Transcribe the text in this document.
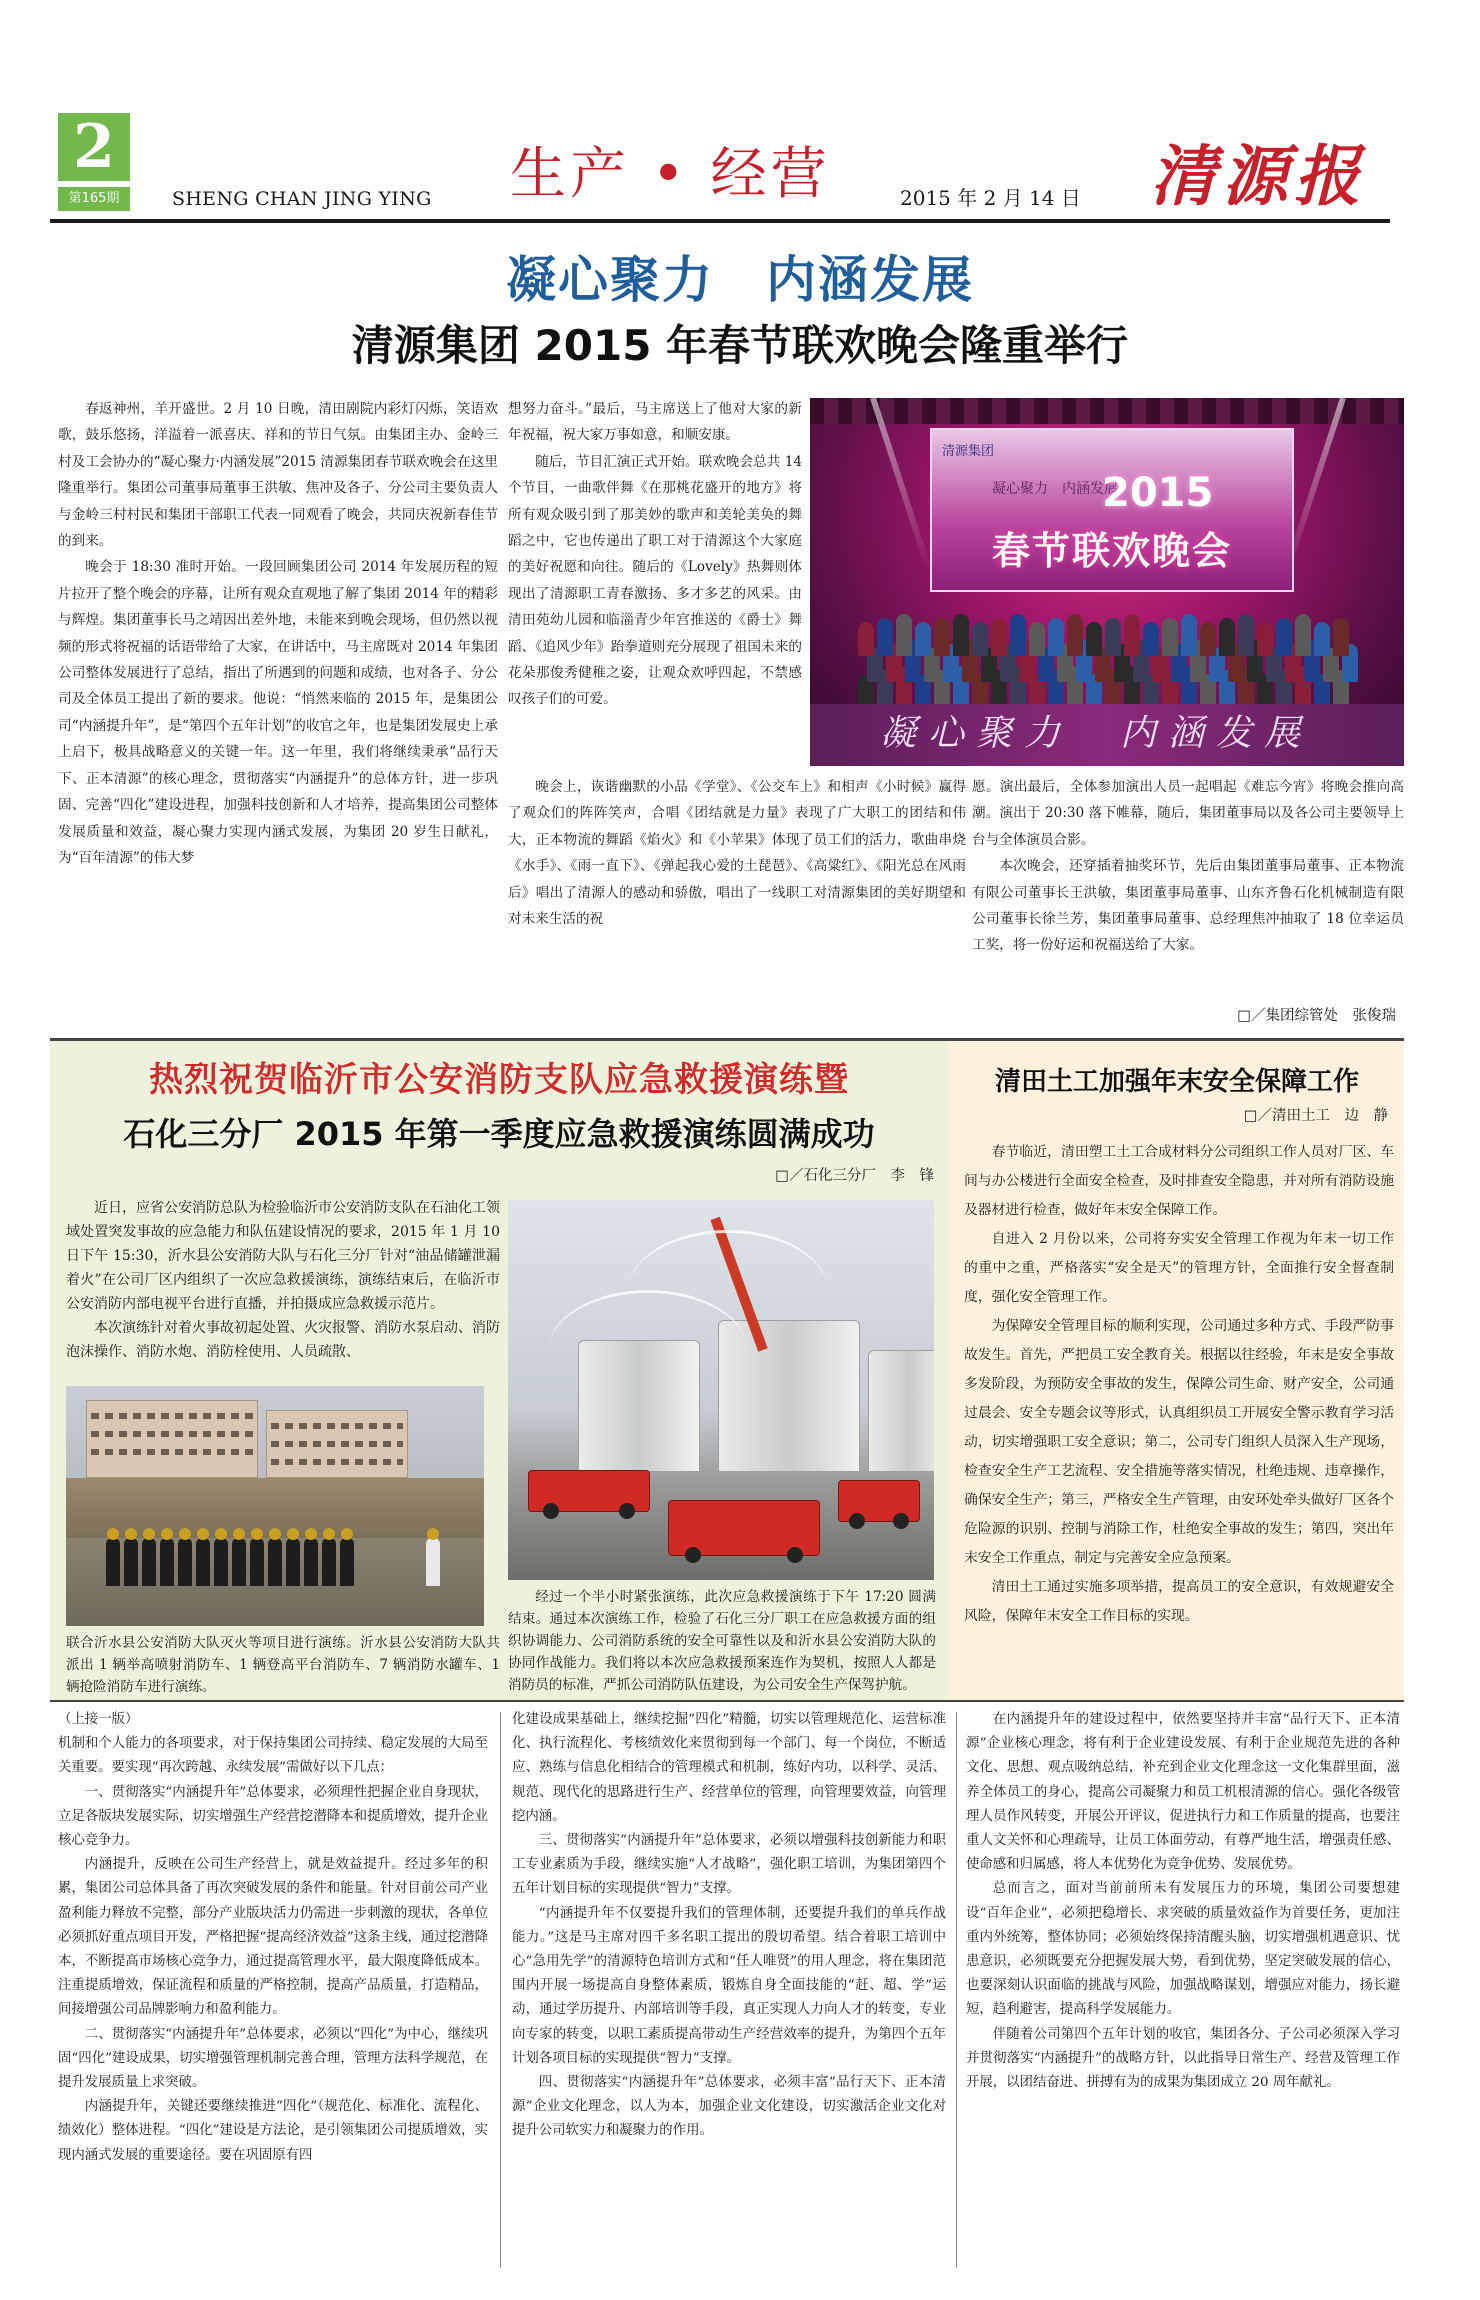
2
第165期	SHENG CHAN JING YING 生产 • 经营	2015 年 2 月 14 日 清源报
凝心聚力　内涵发展
清源集团 2015 年春节联欢晚会隆重举行

春返神州，羊开盛世。2 月 10 日晚，清田剧院内彩灯闪烁，笑语欢歌，鼓乐悠扬，洋溢着一派喜庆、祥和的节日气氛。由集团主办、金岭三村及工会协办的“凝心聚力·内涵发展”2015 清源集团春节联欢晚会在这里隆重举行。集团公司董事局董事王洪敏、焦冲及各子、分公司主要负责人与金岭三村村民和集团干部职工代表一同观看了晚会，共同庆祝新春佳节的到来。

晚会于 18:30 准时开始。一段回顾集团公司 2014 年发展历程的短片拉开了整个晚会的序幕，让所有观众直观地了解了集团 2014 年的精彩与辉煌。集团董事长马之靖因出差外地，未能来到晚会现场，但仍然以视频的形式将祝福的话语带给了大家，在讲话中，马主席既对 2014 年集团公司整体发展进行了总结，指出了所遇到的问题和成绩，也对各子、分公司及全体员工提出了新的要求。他说：“悄然来临的 2015 年，是集团公司“内涵提升年”，是“第四个五年计划”的收官之年，也是集团发展史上承上启下，极具战略意义的关键一年。这一年里，我们将继续秉承“品行天下、正本清源”的核心理念，贯彻落实“内涵提升”的总体方针，进一步巩固、完善“四化”建设进程，加强科技创新和人才培养，提高集团公司整体发展质量和效益，凝心聚力实现内涵式发展，为集团 20 岁生日献礼，为“百年清源”的伟大梦

想努力奋斗。”最后，马主席送上了他对大家的新年祝福，祝大家万事如意，和顺安康。

随后，节目汇演正式开始。联欢晚会总共 14 个节目，一曲歌伴舞《在那桃花盛开的地方》将所有观众吸引到了那美妙的歌声和美轮美奂的舞蹈之中，它也传递出了职工对于清源这个大家庭的美好祝愿和向往。随后的《Lovely》热舞则体现出了清源职工青春激扬、多才多艺的风采。由清田苑幼儿园和临淄青少年宫推送的《爵士》舞蹈、《追风少年》跆拳道则充分展现了祖国未来的花朵那俊秀健稚之姿，让观众欢呼四起，不禁感叹孩子们的可爱。

清源集团
凝心聚力　内涵发展
2015
春节联欢晚会
凝心聚力　内涵发展

晚会上，诙谐幽默的小品《学堂》、《公交车上》和相声《小时候》赢得了观众们的阵阵笑声，合唱《团结就是力量》表现了广大职工的团结和伟大，正本物流的舞蹈《焰火》和《小苹果》体现了员工们的活力，歌曲串烧《水手》、《雨一直下》、《弹起我心爱的土琵琶》、《高粱红》、《阳光总在风雨后》唱出了清源人的感动和骄傲，唱出了一线职工对清源集团的美好期望和对未来生活的祝

愿。演出最后，全体参加演出人员一起唱起《难忘今宵》将晚会推向高潮。演出于 20:30 落下帷幕，随后，集团董事局以及各公司主要领导上台与全体演员合影。

本次晚会，还穿插着抽奖环节，先后由集团董事局董事、正本物流有限公司董事长王洪敏，集团董事局董事、山东齐鲁石化机械制造有限公司董事长徐兰芳，集团董事局董事、总经理焦冲抽取了 18 位幸运员工奖，将一份好运和祝福送给了大家。

□／集团综管处　张俊瑞
热烈祝贺临沂市公安消防支队应急救援演练暨
石化三分厂 2015 年第一季度应急救援演练圆满成功
□／石化三分厂　李　锋

近日，应省公安消防总队为检验临沂市公安消防支队在石油化工领域处置突发事故的应急能力和队伍建设情况的要求，2015 年 1 月 10 日下午 15:30，沂水县公安消防大队与石化三分厂针对“油品储罐泄漏着火”在公司厂区内组织了一次应急救援演练，演练结束后，在临沂市公安消防内部电视平台进行直播，并拍摄成应急救援示范片。

本次演练针对着火事故初起处置、火灾报警、消防水泵启动、消防泡沫操作、消防水炮、消防栓使用、人员疏散、

联合沂水县公安消防大队灭火等项目进行演练。沂水县公安消防大队共派出 1 辆举高喷射消防车、1 辆登高平台消防车、7 辆消防水罐车、1 辆抢险消防车进行演练。

经过一个半小时紧张演练，此次应急救援演练于下午 17:20 圆满结束。通过本次演练工作，检验了石化三分厂职工在应急救援方面的组织协调能力、公司消防系统的安全可靠性以及和沂水县公安消防大队的协同作战能力。我们将以本次应急救援预案连作为契机，按照人人都是消防员的标准，严抓公司消防队伍建设，为公司安全生产保驾护航。

清田土工加强年末安全保障工作
□／清田土工　边　静

春节临近，清田塑工土工合成材料分公司组织工作人员对厂区、车间与办公楼进行全面安全检查，及时排查安全隐患，并对所有消防设施及器材进行检查，做好年末安全保障工作。

自进入 2 月份以来，公司将夯实安全管理工作视为年末一切工作的重中之重，严格落实“安全是天”的管理方针，全面推行安全督查制度，强化安全管理工作。

为保障安全管理目标的顺利实现，公司通过多种方式、手段严防事故发生。首先，严把员工安全教育关。根据以往经验，年末是安全事故多发阶段，为预防安全事故的发生，保障公司生命、财产安全，公司通过晨会、安全专题会议等形式，认真组织员工开展安全警示教育学习活动，切实增强职工安全意识；第二，公司专门组织人员深入生产现场，检查安全生产工艺流程、安全措施等落实情况，杜绝违规、违章操作，确保安全生产；第三，严格安全生产管理，由安环处牵头做好厂区各个危险源的识别、控制与消除工作，杜绝安全事故的发生；第四，突出年末安全工作重点，制定与完善安全应急预案。

清田土工通过实施多项举措，提高员工的安全意识，有效规避安全风险，保障年末安全工作目标的实现。

（上接一版）

机制和个人能力的各项要求，对于保持集团公司持续、稳定发展的大局至关重要。要实现“再次跨越、永续发展”需做好以下几点：

一、贯彻落实“内涵提升年”总体要求，必须理性把握企业自身现状，立足各版块发展实际，切实增强生产经营挖潜降本和提质增效，提升企业核心竞争力。

内涵提升，反映在公司生产经营上，就是效益提升。经过多年的积累，集团公司总体具备了再次突破发展的条件和能量。针对目前公司产业盈利能力释放不完整，部分产业版块活力仍需进一步刺激的现状，各单位必须抓好重点项目开发，严格把握“提高经济效益”这条主线，通过挖潜降本，不断提高市场核心竞争力，通过提高管理水平，最大限度降低成本。注重提质增效，保证流程和质量的严格控制，提高产品质量，打造精品，间接增强公司品牌影响力和盈利能力。

二、贯彻落实“内涵提升年”总体要求，必须以“四化”为中心，继续巩固“四化”建设成果，切实增强管理机制完善合理，管理方法科学规范，在提升发展质量上求突破。

内涵提升年，关键还要继续推进“四化”（规范化、标准化、流程化、绩效化）整体进程。“四化”建设是方法论，是引领集团公司提质增效，实现内涵式发展的重要途径。要在巩固原有四

化建设成果基础上，继续挖掘“四化”精髓，切实以管理规范化、运营标准化、执行流程化、考核绩效化来贯彻到每一个部门、每一个岗位，不断适应、熟练与信息化相结合的管理模式和机制，练好内功，以科学、灵活、规范、现代化的思路进行生产、经营单位的管理，向管理要效益，向管理挖内涵。

三、贯彻落实“内涵提升年”总体要求，必须以增强科技创新能力和职工专业素质为手段，继续实施“人才战略”，强化职工培训，为集团第四个五年计划目标的实现提供“智力”支撑。

“内涵提升年不仅要提升我们的管理体制，还要提升我们的单兵作战能力。”这是马主席对四千多名职工提出的殷切希望。结合着职工培训中心“急用先学”的清源特色培训方式和“任人唯贤”的用人理念，将在集团范围内开展一场提高自身整体素质，锻炼自身全面技能的“赶、超、学”运动，通过学历提升、内部培训等手段，真正实现人力向人才的转变，专业向专家的转变，以职工素质提高带动生产经营效率的提升，为第四个五年计划各项目标的实现提供“智力”支撑。

四、贯彻落实“内涵提升年”总体要求，必须丰富“品行天下、正本清源”企业文化理念，以人为本，加强企业文化建设，切实激活企业文化对提升公司软实力和凝聚力的作用。

在内涵提升年的建设过程中，依然要坚持并丰富“品行天下、正本清源”企业核心理念，将有利于企业建设发展、有利于企业规范先进的各种文化、思想、观点吸纳总结，补充到企业文化理念这一文化集群里面，滋养全体员工的身心，提高公司凝聚力和员工机根清源的信心。强化各级管理人员作风转变，开展公开评议，促进执行力和工作质量的提高，也要注重人文关怀和心理疏导，让员工体面劳动，有尊严地生活，增强责任感、使命感和归属感，将人本优势化为竞争优势、发展优势。

总而言之，面对当前前所未有发展压力的环境，集团公司要想建设“百年企业”，必须把稳增长、求突破的质量效益作为首要任务，更加注重内外统筹，整体协同；必须始终保持清醒头脑，切实增强机遇意识、忧患意识，必须既要充分把握发展大势，看到优势，坚定突破发展的信心，也要深刻认识面临的挑战与风险，加强战略谋划，增强应对能力，扬长避短，趋利避害，提高科学发展能力。

伴随着公司第四个五年计划的收官，集团各分、子公司必须深入学习并贯彻落实“内涵提升”的战略方针，以此指导日常生产、经营及管理工作开展，以团结奋进、拼搏有为的成果为集团成立 20 周年献礼。
